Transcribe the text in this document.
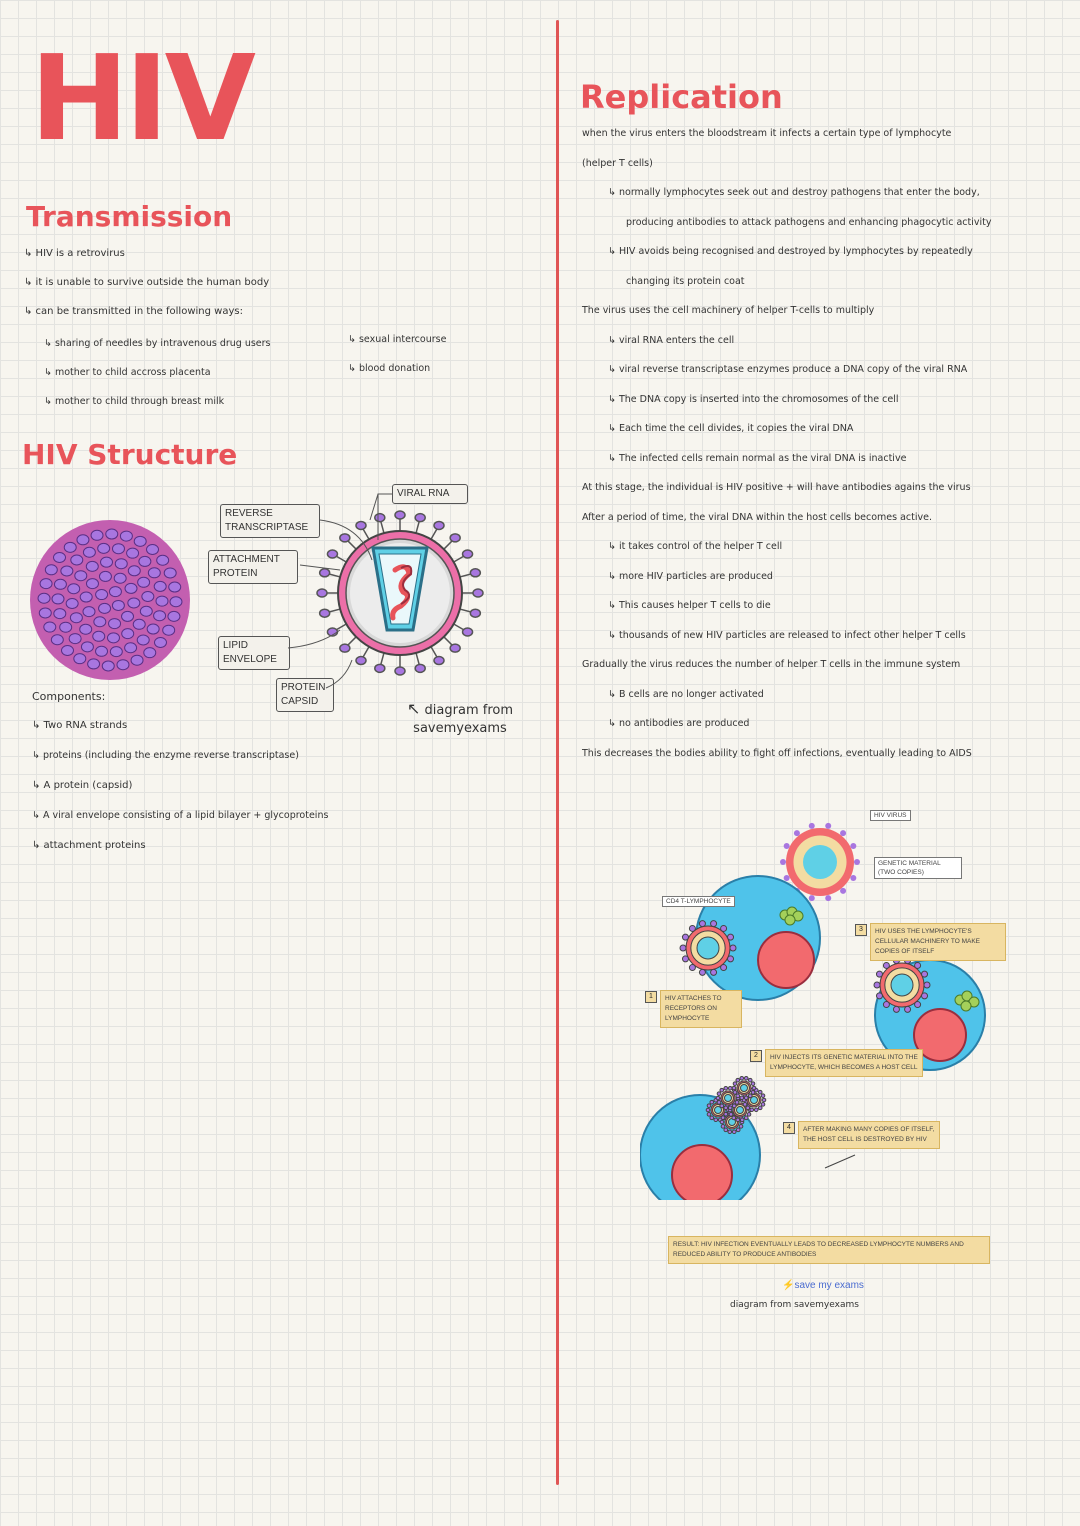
HIV
Transmission
↳ HIV is a retrovirus
↳ it is unable to survive outside the human body
↳ can be transmitted in the following ways:
↳ sharing of needles by intravenous drug users
↳ mother to child accross placenta
↳ mother to child through breast milk
↳ sexual intercourse
↳ blood donation
HIV Structure
REVERSE TRANSCRIPTASE
ATTACHMENT PROTEIN
LIPID ENVELOPE
PROTEIN CAPSID
VIRAL RNA
↖ diagram from savemyexams
Components:
↳ Two RNA strands
↳ proteins (including the enzyme reverse transcriptase)
↳ A protein (capsid)
↳ A viral envelope consisting of a lipid bilayer + glycoproteins
↳ attachment proteins
Replication
when the virus enters the bloodstream it infects a certain type of lymphocyte
(helper T cells)
↳ normally lymphocytes seek out and destroy pathogens that enter the body,
producing antibodies to attack pathogens and enhancing phagocytic activity
↳ HIV avoids being recognised and destroyed by lymphocytes by repeatedly
changing its protein coat
The virus uses the cell machinery of helper T-cells to multiply
↳ viral RNA enters the cell
↳ viral reverse transcriptase enzymes produce a DNA copy of the viral RNA
↳ The DNA copy is inserted into the chromosomes of the cell
↳ Each time the cell divides, it copies the viral DNA
↳ The infected cells remain normal as the viral DNA is inactive
At this stage, the individual is HIV positive + will have antibodies agains the virus
After a period of time, the viral DNA within the host cells becomes active.
↳ it takes control of the helper T cell
↳ more HIV particles are produced
↳ This causes helper T cells to die
↳ thousands of new HIV particles are released to infect other helper T cells
Gradually the virus reduces the number of helper T cells in the immune system
↳ B cells are no longer activated
↳ no antibodies are produced
This decreases the bodies ability to fight off infections, eventually leading to AIDS
HIV VIRUS
GENETIC MATERIAL (TWO COPIES)
CD4 T-LYMPHOCYTE
1	HIV ATTACHES TO RECEPTORS ON LYMPHOCYTE
2	HIV INJECTS ITS GENETIC MATERIAL INTO THE LYMPHOCYTE, WHICH BECOMES A HOST CELL
3	HIV USES THE LYMPHOCYTE'S CELLULAR MACHINERY TO MAKE COPIES OF ITSELF
4	AFTER MAKING MANY COPIES OF ITSELF, THE HOST CELL IS DESTROYED BY HIV
RESULT: HIV INFECTION EVENTUALLY LEADS TO DECREASED LYMPHOCYTE NUMBERS AND REDUCED ABILITY TO PRODUCE ANTIBODIES
⚡save my exams
diagram from savemyexams
